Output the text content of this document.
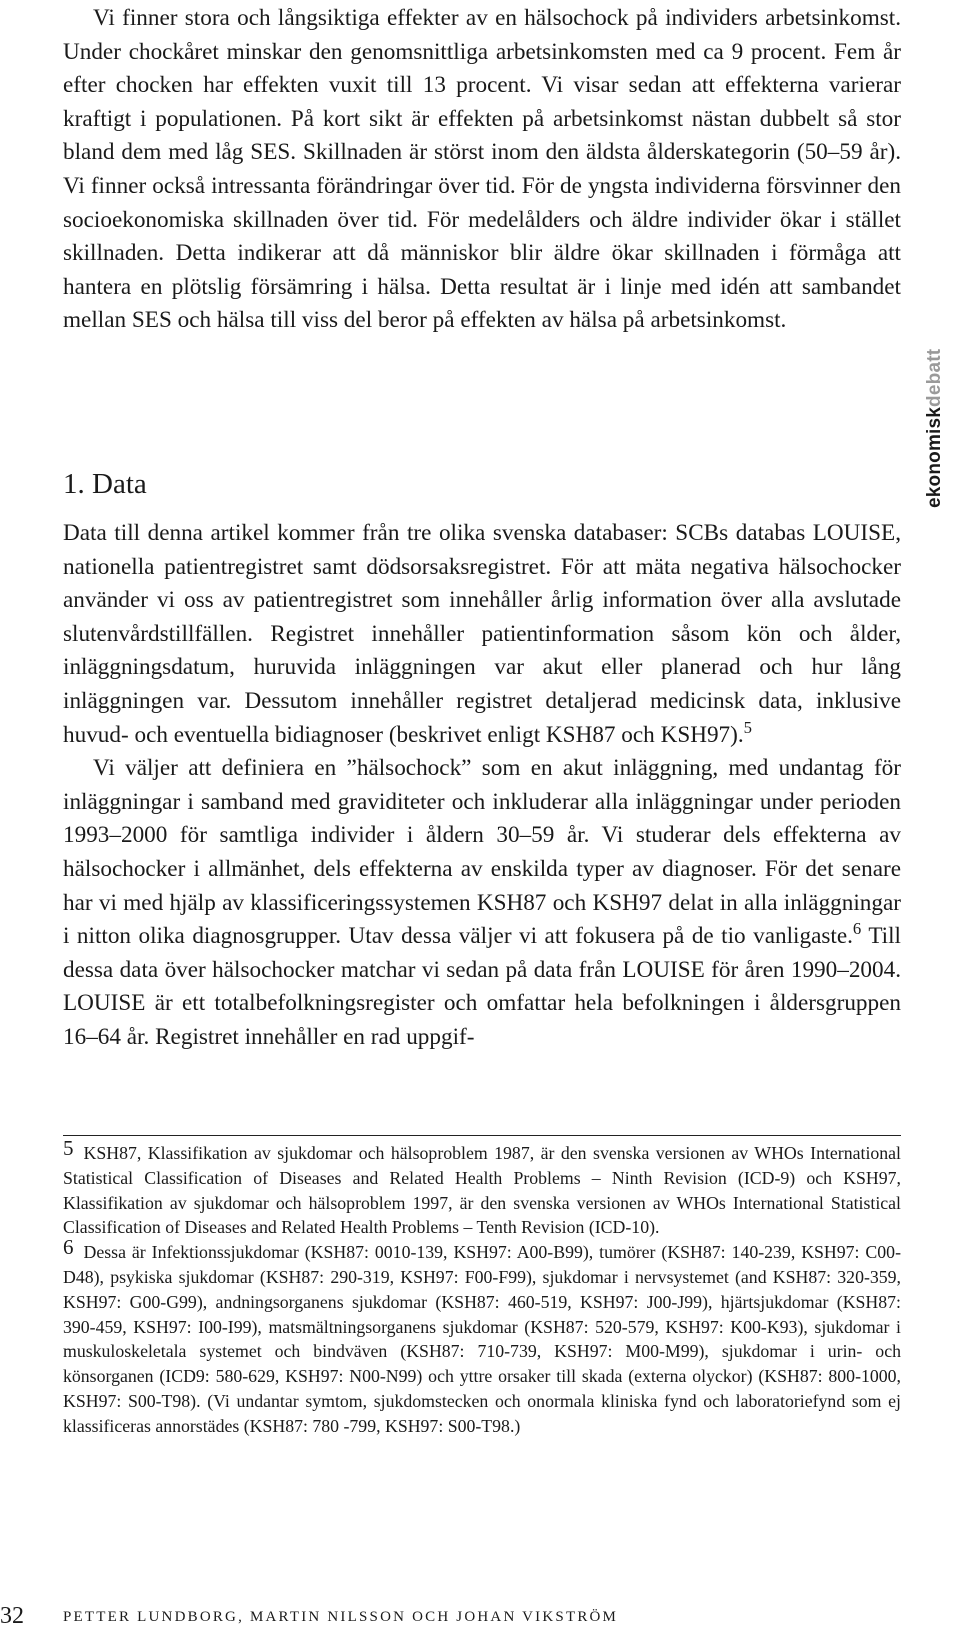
Vi finner stora och långsiktiga effekter av en hälsochock på individers arbetsinkomst. Under chockåret minskar den genomsnittliga arbetsinkomsten med ca 9 procent. Fem år efter chocken har effekten vuxit till 13 procent. Vi visar sedan att effekterna varierar kraftigt i populationen. På kort sikt är effekten på arbetsinkomst nästan dubbelt så stor bland dem med låg SES. Skillnaden är störst inom den äldsta ålderskategorin (50–59 år). Vi finner också intressanta förändringar över tid. För de yngsta individerna försvinner den socioekonomiska skillnaden över tid. För medelålders och äldre individer ökar i stället skillnaden. Detta indikerar att då människor blir äldre ökar skillnaden i förmåga att hantera en plötslig försämring i hälsa. Detta resultat är i linje med idén att sambandet mellan SES och hälsa till viss del beror på effekten av hälsa på arbetsinkomst.

1. Data

Data till denna artikel kommer från tre olika svenska databaser: SCBs databas LOUISE, nationella patientregistret samt dödsorsaksregistret. För att mäta negativa hälsochocker använder vi oss av patientregistret som innehåller årlig information över alla avslutade slutenvårdstillfällen. Registret innehåller patientinformation såsom kön och ålder, inläggningsdatum, huruvida inläggningen var akut eller planerad och hur lång inläggningen var. Dessutom innehåller registret detaljerad medicinsk data, inklusive huvud- och eventuella bidiagnoser (beskrivet enligt KSH87 och KSH97).$^5$

Vi väljer att definiera en ”hälsochock” som en akut inläggning, med undantag för inläggningar i samband med graviditeter och inkluderar alla inläggningar under perioden 1993–2000 för samtliga individer i åldern 30–59 år. Vi studerar dels effekterna av hälsochocker i allmänhet, dels effekterna av enskilda typer av diagnoser. För det senare har vi med hjälp av klassificeringssystemen KSH87 och KSH97 delat in alla inläggningar i nitton olika diagnosgrupper. Utav dessa väljer vi att fokusera på de tio vanligaste.$^6$ Till dessa data över hälsochocker matchar vi sedan på data från LOUISE för åren 1990–2004. LOUISE är ett totalbefolkningsregister och omfattar hela befolkningen i åldersgruppen 16–64 år. Registret innehåller en rad uppgif-

5 KSH87, Klassifikation av sjukdomar och hälsoproblem 1987, är den svenska versionen av WHOs International Statistical Classification of Diseases and Related Health Problems – Ninth Revision (ICD-9) och KSH97, Klassifikation av sjukdomar och hälsoproblem 1997, är den svenska versionen av WHOs International Statistical Classification of Diseases and Related Health Problems – Tenth Revision (ICD-10).

6 Dessa är Infektionssjukdomar (KSH87: 0010-139, KSH97: A00-B99), tumörer (KSH87: 140-239, KSH97: C00-D48), psykiska sjukdomar (KSH87: 290-319, KSH97: F00-F99), sjukdomar i nervsystemet (and KSH87: 320-359, KSH97: G00-G99), andningsorganens sjukdomar (KSH87: 460-519, KSH97: J00-J99), hjärtsjukdomar (KSH87: 390-459, KSH97: I00-I99), matsmältningsorganens sjukdomar (KSH87: 520-579, KSH97: K00-K93), sjukdomar i muskuloskeletala systemet och bindväven (KSH87: 710-739, KSH97: M00-M99), sjukdomar i urin- och könsorganen (ICD9: 580-629, KSH97: N00-N99) och yttre orsaker till skada (externa olyckor) (KSH87: 800-1000, KSH97: S00-T98). (Vi undantar symtom, sjukdomstecken och onormala kliniska fynd och laboratoriefynd som ej klassificeras annorstädes (KSH87: 780 -799, KSH97: S00-T98.)

ekonomiskdebatt
32	PETTER LUNDBORG, MARTIN NILSSON OCH JOHAN VIKSTRÖM
